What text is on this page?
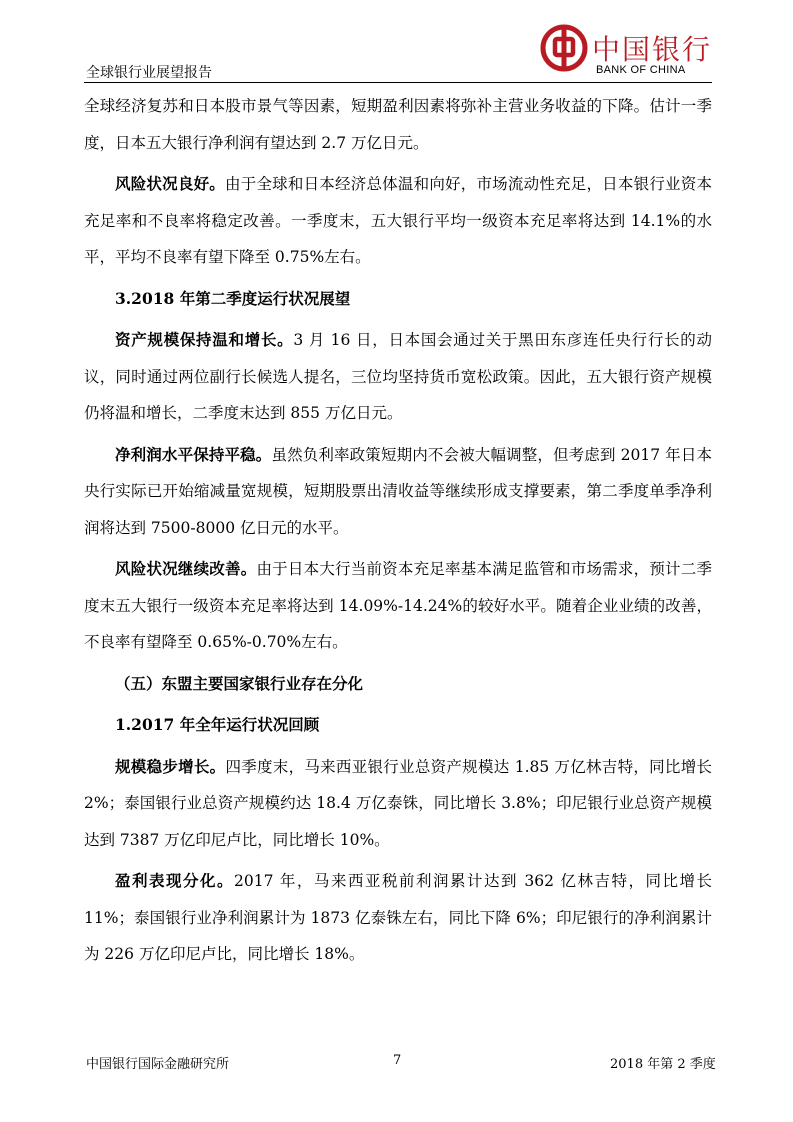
中国银行
BANK OF CHINA
全球银行业展望报告

全球经济复苏和日本股市景气等因素，短期盈利因素将弥补主营业务收益的下降。估计一季度，日本五大银行净利润有望达到 2.7 万亿日元。

风险状况良好。由于全球和日本经济总体温和向好，市场流动性充足，日本银行业资本充足率和不良率将稳定改善。一季度末，五大银行平均一级资本充足率将达到 14.1%的水平，平均不良率有望下降至 0.75%左右。

3.2018 年第二季度运行状况展望

资产规模保持温和增长。3 月 16 日，日本国会通过关于黑田东彦连任央行行长的动议，同时通过两位副行长候选人提名，三位均坚持货币宽松政策。因此，五大银行资产规模仍将温和增长，二季度末达到 855 万亿日元。

净利润水平保持平稳。虽然负利率政策短期内不会被大幅调整，但考虑到 2017 年日本央行实际已开始缩减量宽规模，短期股票出清收益等继续形成支撑要素，第二季度单季净利润将达到 7500-8000 亿日元的水平。

风险状况继续改善。由于日本大行当前资本充足率基本满足监管和市场需求，预计二季度末五大银行一级资本充足率将达到 14.09%-14.24%的较好水平。随着企业业绩的改善，不良率有望降至 0.65%-0.70%左右。

（五）东盟主要国家银行业存在分化

1.2017 年全年运行状况回顾

规模稳步增长。四季度末，马来西亚银行业总资产规模达 1.85 万亿林吉特，同比增长 2%；泰国银行业总资产规模约达 18.4 万亿泰铢，同比增长 3.8%；印尼银行业总资产规模达到 7387 万亿印尼卢比，同比增长 10%。

盈利表现分化。2017 年，马来西亚税前利润累计达到 362 亿林吉特，同比增长 11%；泰国银行业净利润累计为 1873 亿泰铢左右，同比下降 6%；印尼银行的净利润累计为 226 万亿印尼卢比，同比增长 18%。

中国银行国际金融研究所	7	2018 年第 2 季度
